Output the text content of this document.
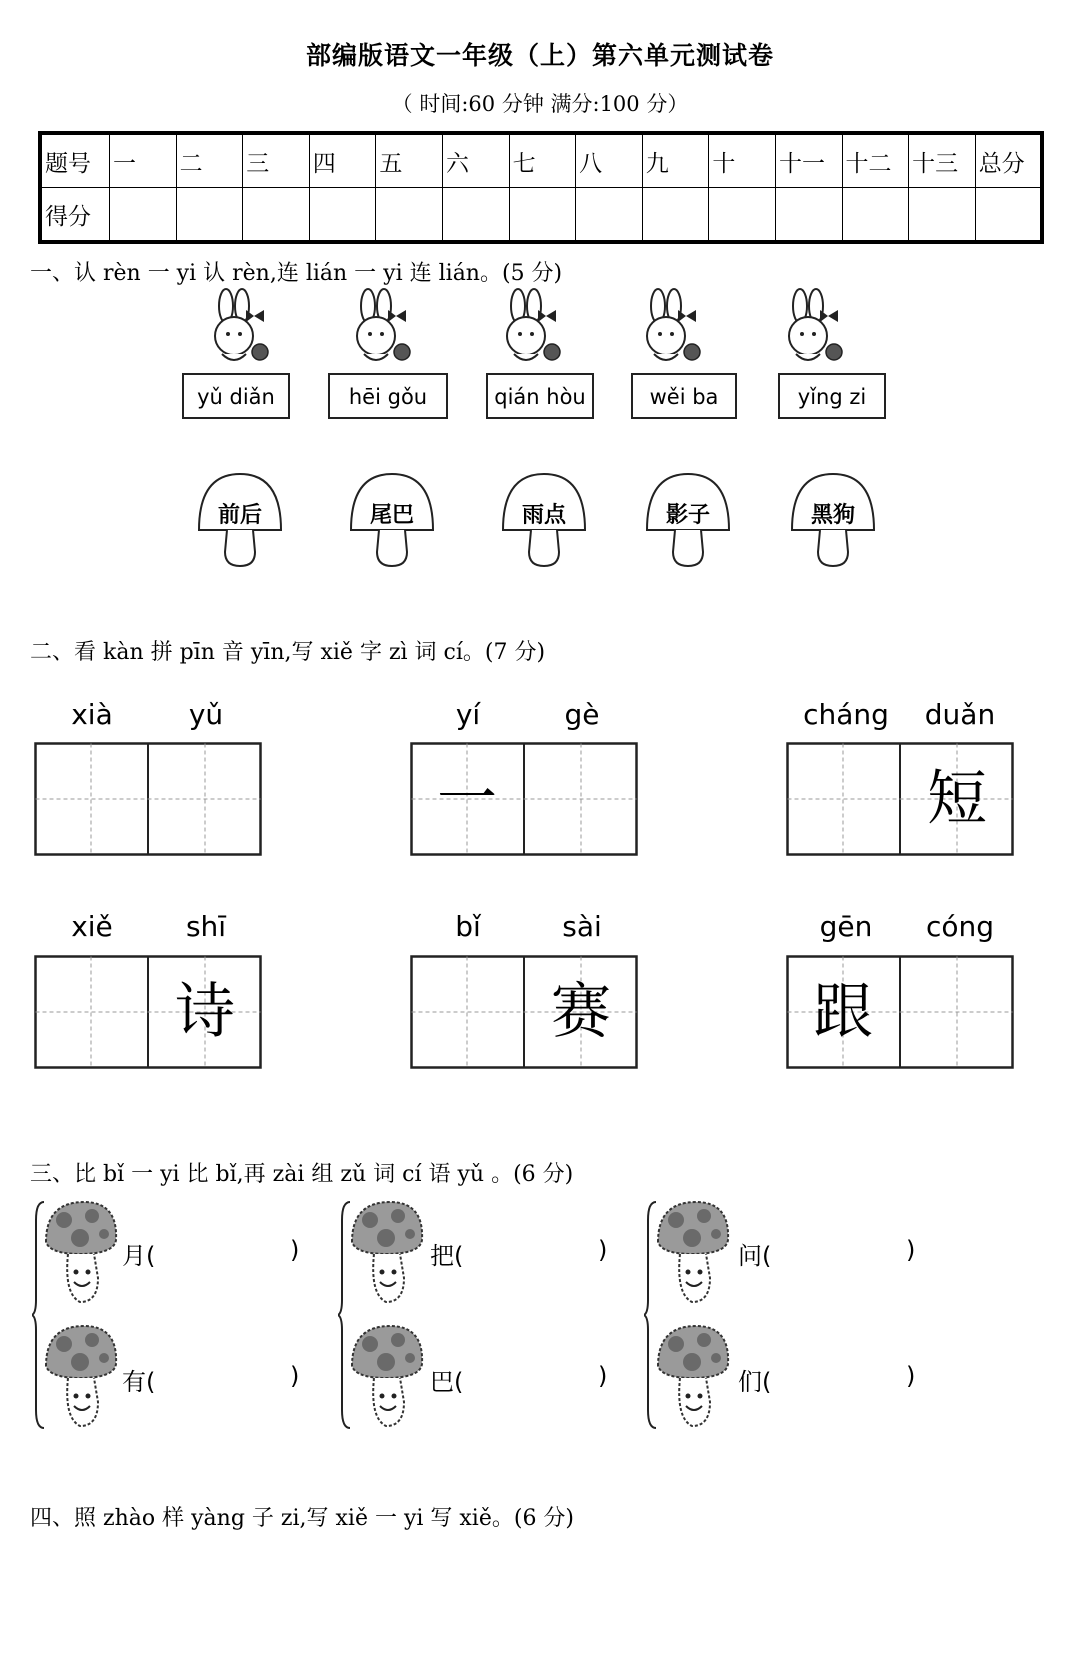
部编版语文一年级（上）第六单元测试卷
（ 时间:60 分钟 满分:100 分）
题号	一	二	三	四	五	六	七	八	九	十	十一	十二	十三	总分
得分														
一、认 rèn 一 yi 认 rèn,连 lián 一 yi 连 lián。(5 分)
yǔ diǎn	hēi gǒu	qián hòu	wěi ba	yǐng zi
前后	尾巴	雨点	影子	黑狗
二、看 kàn 拼 pīn 音 yīn,写 xiě 字 zì 词 cí。(7 分)
xià	yǔ	yí	gè
一
cháng	duǎn
短
xiě	shī
诗
bǐ	sài
赛
gēn	cóng
跟
三、比 bǐ 一 yi 比 bǐ,再 zài 组 zǔ 词 cí 语 yǔ 。(6 分)
月(	)
有(	)
把(	)
巴(	)
问(	)
们(	)
四、照 zhào 样 yàng 子 zi,写 xiě 一 yi 写 xiě。(6 分)
